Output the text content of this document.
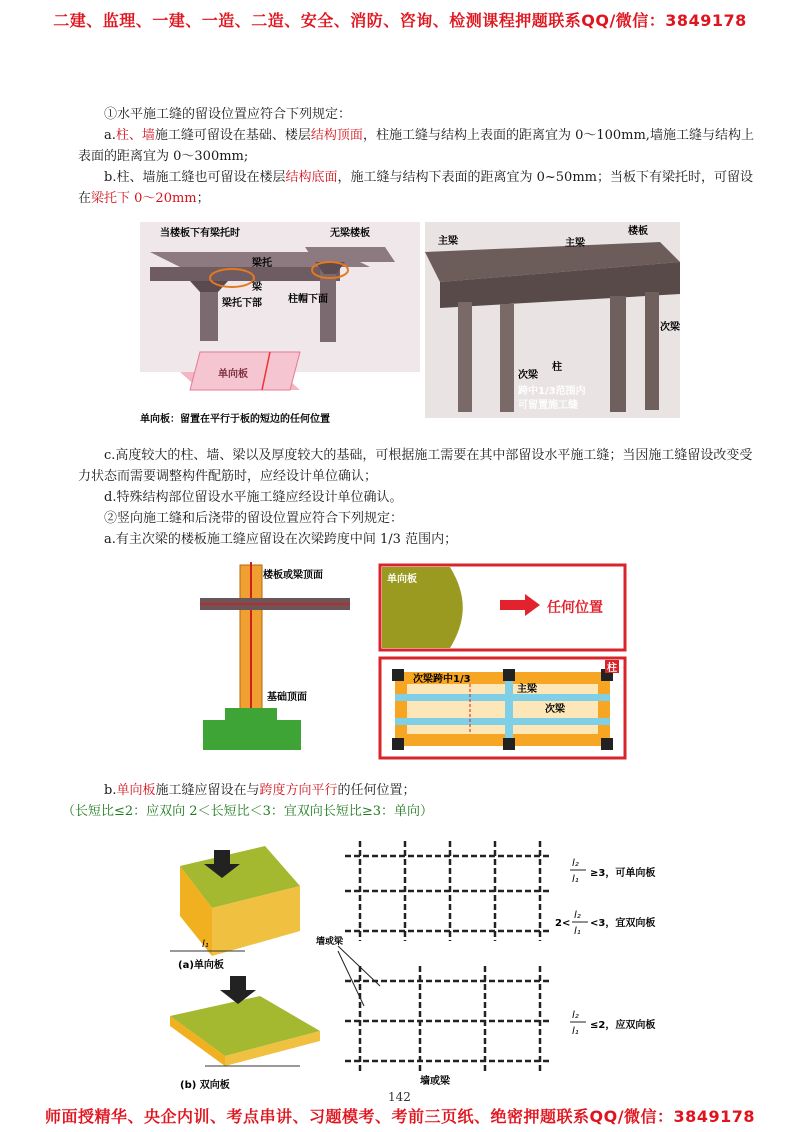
二建、监理、一建、一造、二造、安全、消防、咨询、检测课程押题联系QQ/微信：3849178

①水平施工缝的留设位置应符合下列规定：

a.柱、墙施工缝可留设在基础、楼层结构顶面，柱施工缝与结构上表面的距离宜为 0～100mm,墙施工缝与结构上表面的距离宜为 0～300mm;

b.柱、墙施工缝也可留设在楼层结构底面，施工缝与结构下表面的距离宜为 0~50mm；当板下有梁托时，可留设在梁托下 0～20mm；

当楼板下有梁托时	无梁楼板
梁托
梁
梁托下部	柱帽下面
单向板
单向板：留置在平行于板的短边的任何位置
主梁	主梁
楼板
次梁
次梁
柱
跨中1/3范围内
可留置施工缝

c.高度较大的柱、墙、梁以及厚度较大的基础，可根据施工需要在其中部留设水平施工缝；当因施工缝留设改变受力状态而需要调整构件配筋时，应经设计单位确认；

d.特殊结构部位留设水平施工缝应经设计单位确认。

②竖向施工缝和后浇带的留设位置应符合下列规定：

a.有主次梁的楼板施工缝应留设在次梁跨度中间 1/3 范围内；

楼板或梁顶面
基础顶面
单向板
任何位置
次梁跨中1/3
主梁
次梁
柱

b.单向板施工缝应留设在与跨度方向平行的任何位置；

（长短比≤2：应双向 2＜长短比＜3：宜双向长短比≥3：单向）

l₁
(a)单向板
(b) 双向板
墙或梁
墙或梁
l₂
l₁
≥3，可单向板
2<
l₂
l₁
<3，宜双向板
l₂
l₁
≤2，应双向板
142
师面授精华、央企内训、考点串讲、习题模考、考前三页纸、绝密押题联系QQ/微信：3849178
